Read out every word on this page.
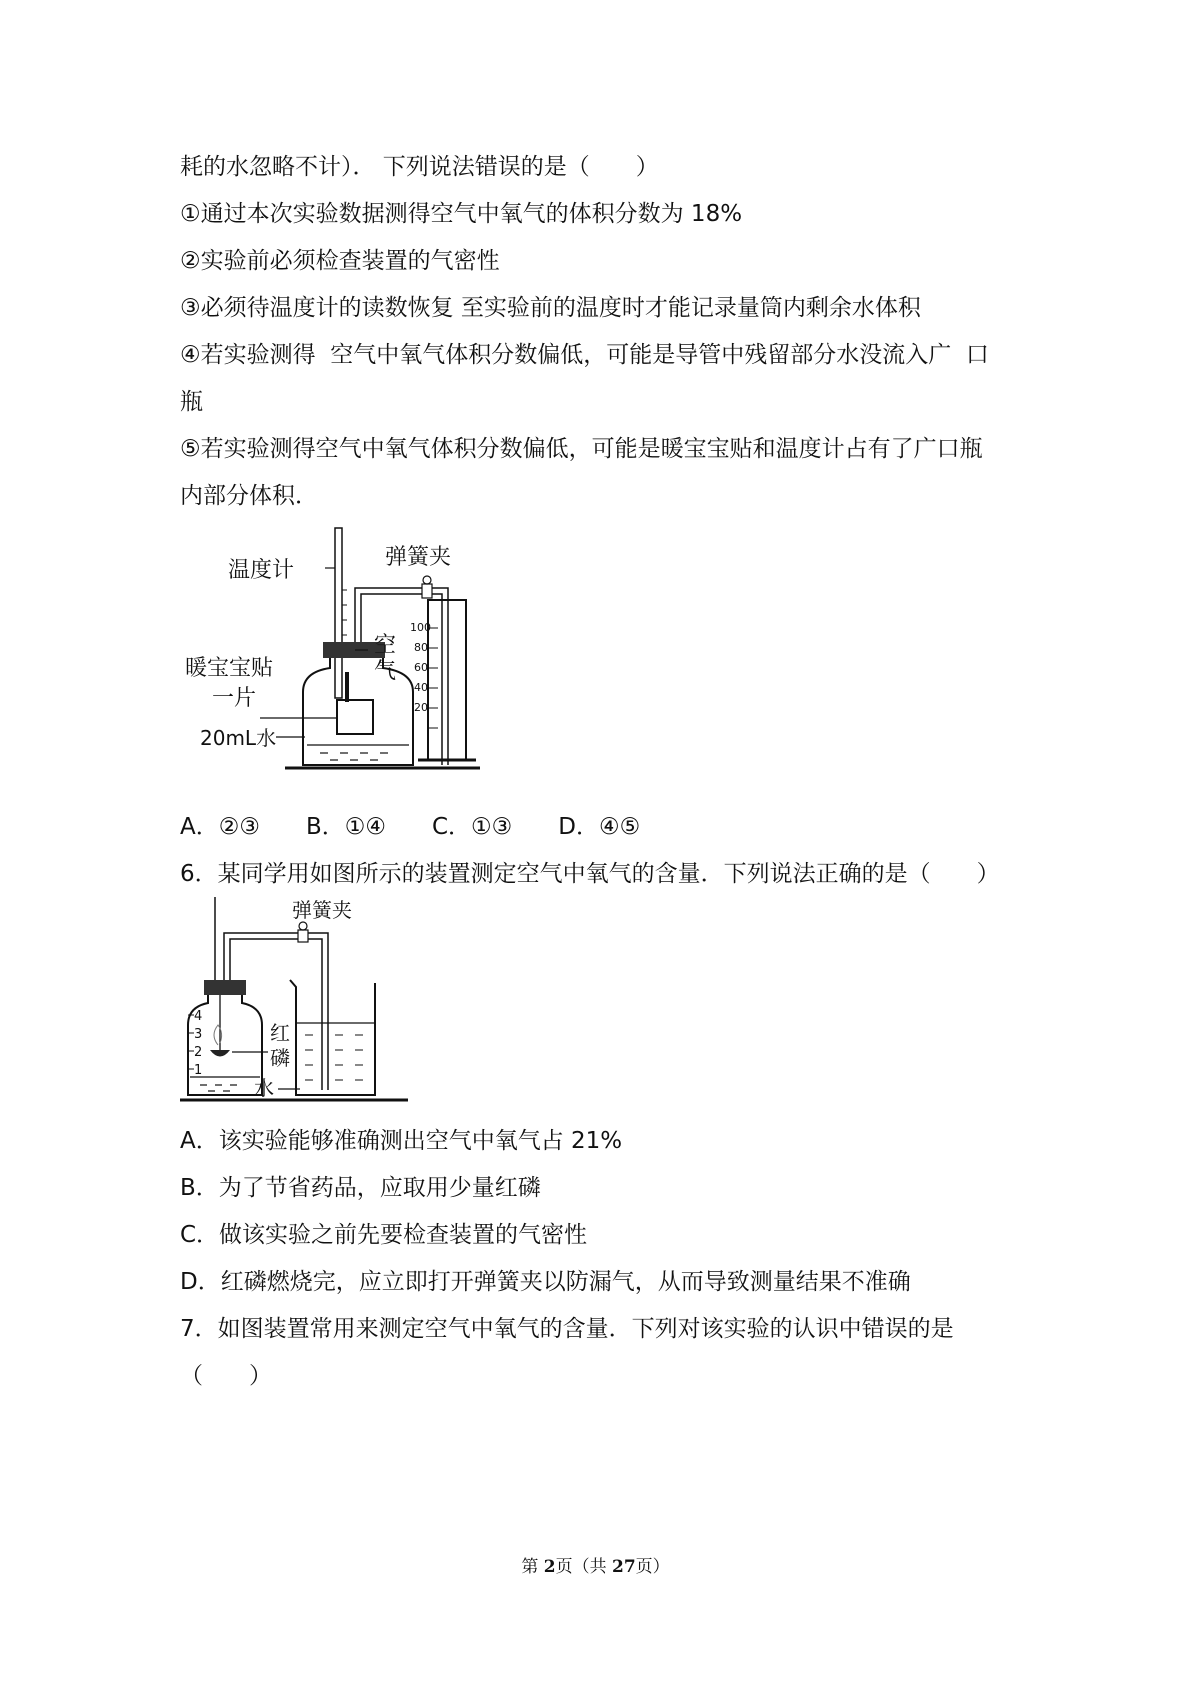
耗的水忽略不计）． 下列说法错误的是（　　）
①通过本次实验数据测得空气中氧气的体积分数为 18%
②实验前必须检查装置的气密性
③必须待温度计的读数恢复 至实验前的温度时才能记录量筒内剩余水体积
④若实验测得  空气中氧气体积分数偏低，可能是导管中残留部分水没流入广  口
瓶
⑤若实验测得空气中氧气体积分数偏低，可能是暖宝宝贴和温度计占有了广口瓶
内部分体积．
温度计
暖宝宝贴
一片
20mL水
弹簧夹
空
气
100
80
60
40
20
A．②③　　B．①④　　C．①③　　D．④⑤
6．某同学用如图所示的装置测定空气中氧气的含量．下列说法正确的是（　　）
4
3
2
1
红
磷
水
弹簧夹
A．该实验能够准确测出空气中氧气占 21%
B．为了节省药品，应取用少量红磷
C．做该实验之前先要检查装置的气密性
D．红磷燃烧完，应立即打开弹簧夹以防漏气，从而导致测量结果不准确
7．如图装置常用来测定空气中氧气的含量．下列对该实验的认识中错误的是
（　　）
第 2页（共 27页）
